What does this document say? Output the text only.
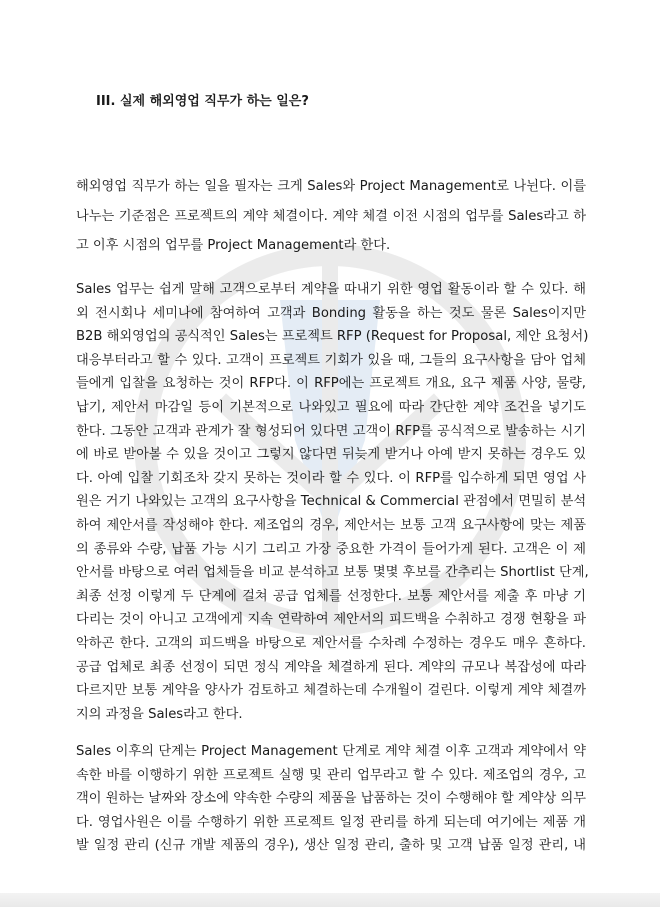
III. 실제 해외영업 직무가 하는 일은?
해외영업 직무가 하는 일을 필자는 크게 Sales와 Project Management로 나뉜다. 이를
나누는 기준점은 프로젝트의 계약 체결이다. 계약 체결 이전 시점의 업무를 Sales라고 하
고 이후 시점의 업무를 Project Management라 한다.
Sales 업무는 쉽게 말해 고객으로부터 계약을 따내기 위한 영업 활동이라 할 수 있다. 해
외 전시회나 세미나에 참여하여 고객과 Bonding 활동을 하는 것도 물론 Sales이지만
B2B 해외영업의 공식적인 Sales는 프로젝트 RFP (Request for Proposal, 제안 요청서)
대응부터라고 할 수 있다. 고객이 프로젝트 기회가 있을 때, 그들의 요구사항을 담아 업체
들에게 입찰을 요청하는 것이 RFP다. 이 RFP에는 프로젝트 개요, 요구 제품 사양, 물량,
납기, 제안서 마감일 등이 기본적으로 나와있고 필요에 따라 간단한 계약 조건을 넣기도
한다. 그동안 고객과 관계가 잘 형성되어 있다면 고객이 RFP를 공식적으로 발송하는 시기
에 바로 받아볼 수 있을 것이고 그렇지 않다면 뒤늦게 받거나 아예 받지 못하는 경우도 있
다. 아예 입찰 기회조차 갖지 못하는 것이라 할 수 있다. 이 RFP를 입수하게 되면 영업 사
원은 거기 나와있는 고객의 요구사항을 Technical & Commercial 관점에서 면밀히 분석
하여 제안서를 작성해야 한다. 제조업의 경우, 제안서는 보통 고객 요구사항에 맞는 제품
의 종류와 수량, 납품 가능 시기 그리고 가장 중요한 가격이 들어가게 된다. 고객은 이 제
안서를 바탕으로 여러 업체들을 비교 분석하고 보통 몇몇 후보를 간추리는 Shortlist 단계,
최종 선정 이렇게 두 단계에 걸쳐 공급 업체를 선정한다. 보통 제안서를 제출 후 마냥 기
다리는 것이 아니고 고객에게 지속 연락하여 제안서의 피드백을 수취하고 경쟁 현황을 파
악하곤 한다. 고객의 피드백을 바탕으로 제안서를 수차례 수정하는 경우도 매우 흔하다.
공급 업체로 최종 선정이 되면 정식 계약을 체결하게 된다. 계약의 규모나 복잡성에 따라
다르지만 보통 계약을 양사가 검토하고 체결하는데 수개월이 걸린다. 이렇게 계약 체결까
지의 과정을 Sales라고 한다.
Sales 이후의 단계는 Project Management 단계로 계약 체결 이후 고객과 계약에서 약
속한 바를 이행하기 위한 프로젝트 실행 및 관리 업무라고 할 수 있다. 제조업의 경우, 고
객이 원하는 날짜와 장소에 약속한 수량의 제품을 납품하는 것이 수행해야 할 계약상 의무
다. 영업사원은 이를 수행하기 위한 프로젝트 일정 관리를 하게 되는데 여기에는 제품 개
발 일정 관리 (신규 개발 제품의 경우), 생산 일정 관리, 출하 및 고객 납품 일정 관리, 내
